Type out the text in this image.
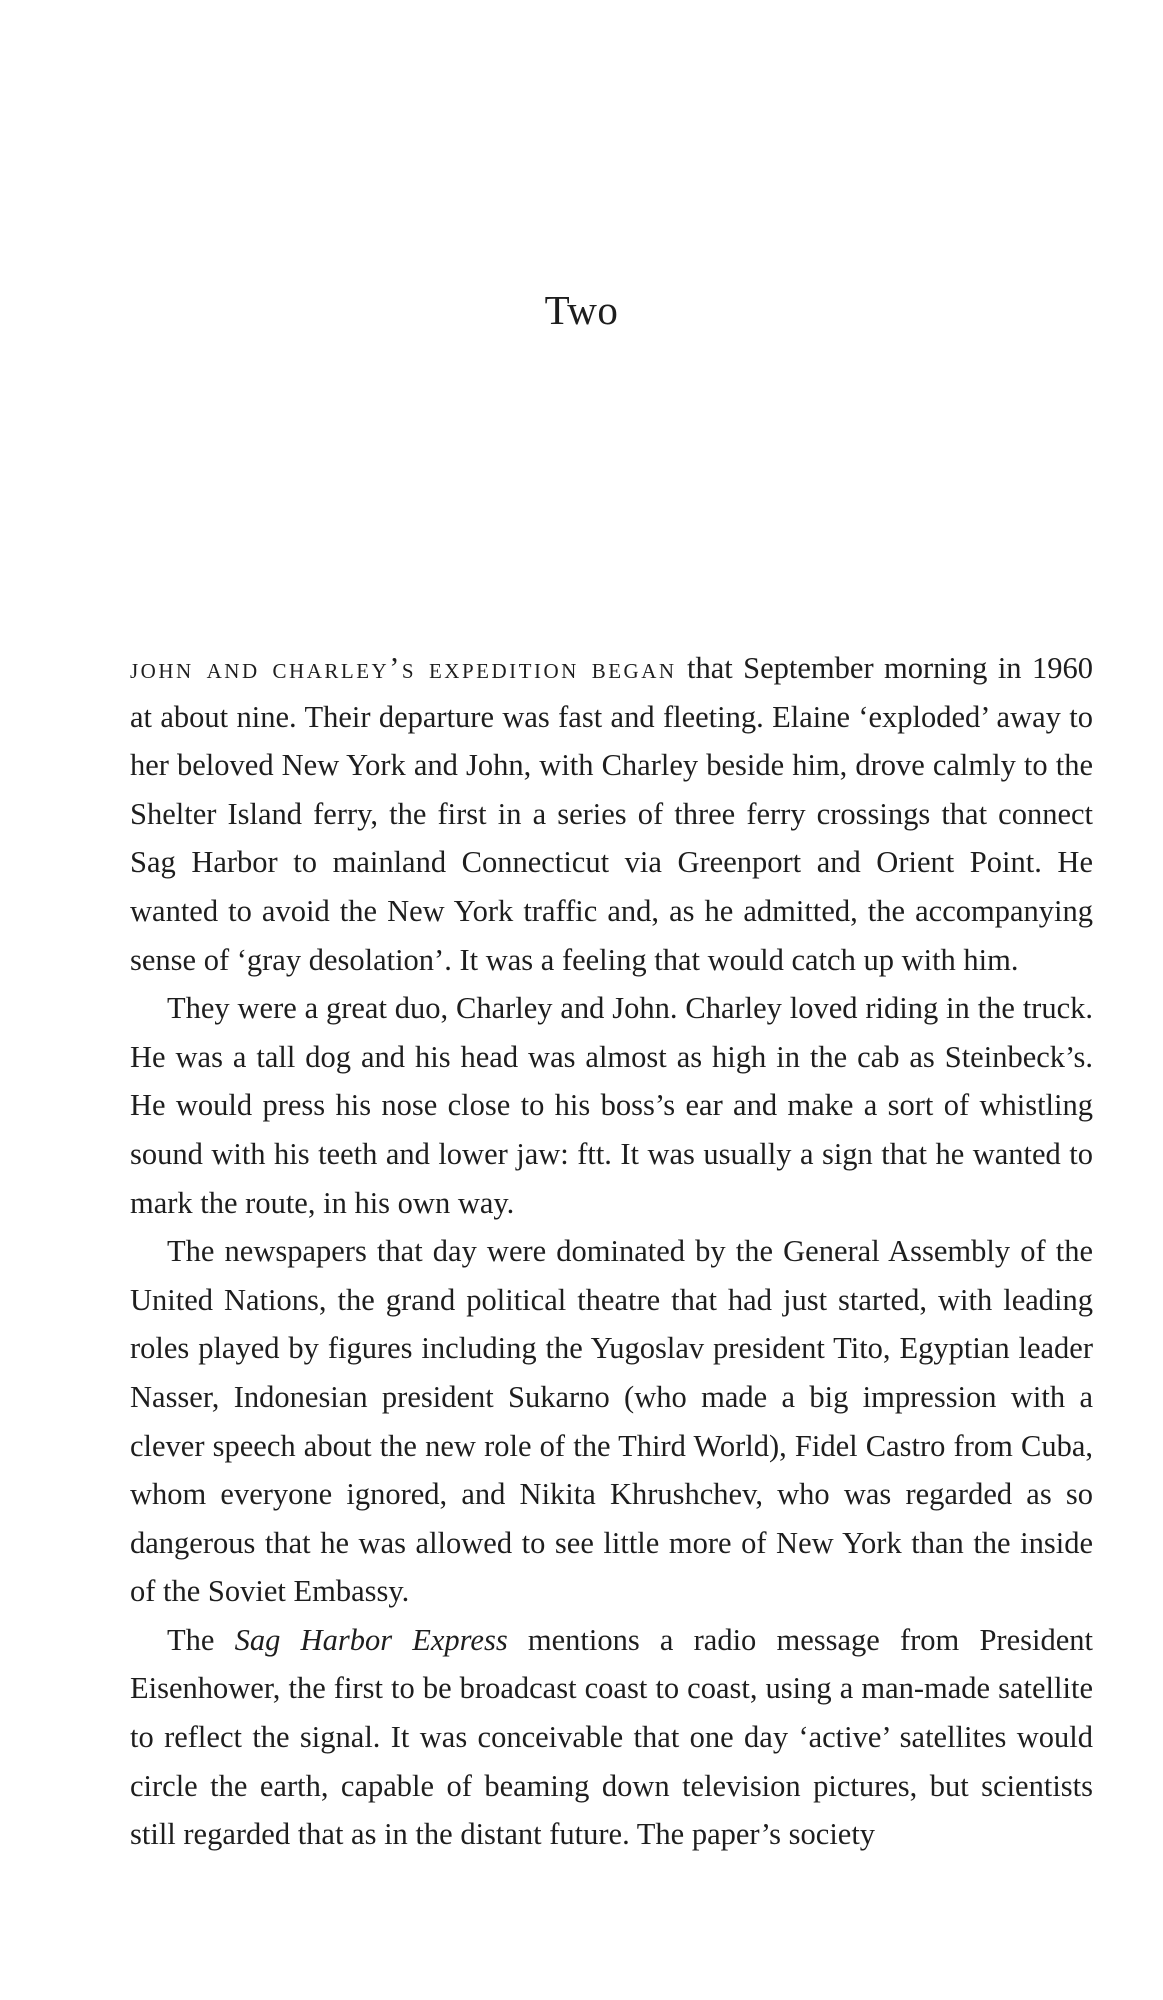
Two

john and charley’s expedition began that September morning in 1960 at about nine. Their departure was fast and fleeting. Elaine ‘exploded’ away to her beloved New York and John, with Charley beside him, drove calmly to the Shelter Island ferry, the first in a series of three ferry crossings that connect Sag Harbor to mainland Connecticut via Greenport and Orient Point. He wanted to avoid the New York traffic and, as he admitted, the accompanying sense of ‘gray desolation’. It was a feeling that would catch up with him.

They were a great duo, Charley and John. Charley loved riding in the truck. He was a tall dog and his head was almost as high in the cab as Steinbeck’s. He would press his nose close to his boss’s ear and make a sort of whistling sound with his teeth and lower jaw: ftt. It was usually a sign that he wanted to mark the route, in his own way.

The newspapers that day were dominated by the General Assembly of the United Nations, the grand political theatre that had just started, with leading roles played by figures including the Yugoslav president Tito, Egyptian leader Nasser, Indonesian president Sukarno (who made a big impression with a clever speech about the new role of the Third World), Fidel Castro from Cuba, whom everyone ignored, and Nikita Khrushchev, who was regarded as so dangerous that he was allowed to see little more of New York than the inside of the Soviet Embassy.

The Sag Harbor Express mentions a radio message from President Eisenhower, the first to be broadcast coast to coast, using a man-made satellite to reflect the signal. It was conceivable that one day ‘active’ satellites would circle the earth, capable of beaming down television pictures, but scientists still regarded that as in the distant future. The paper’s society
